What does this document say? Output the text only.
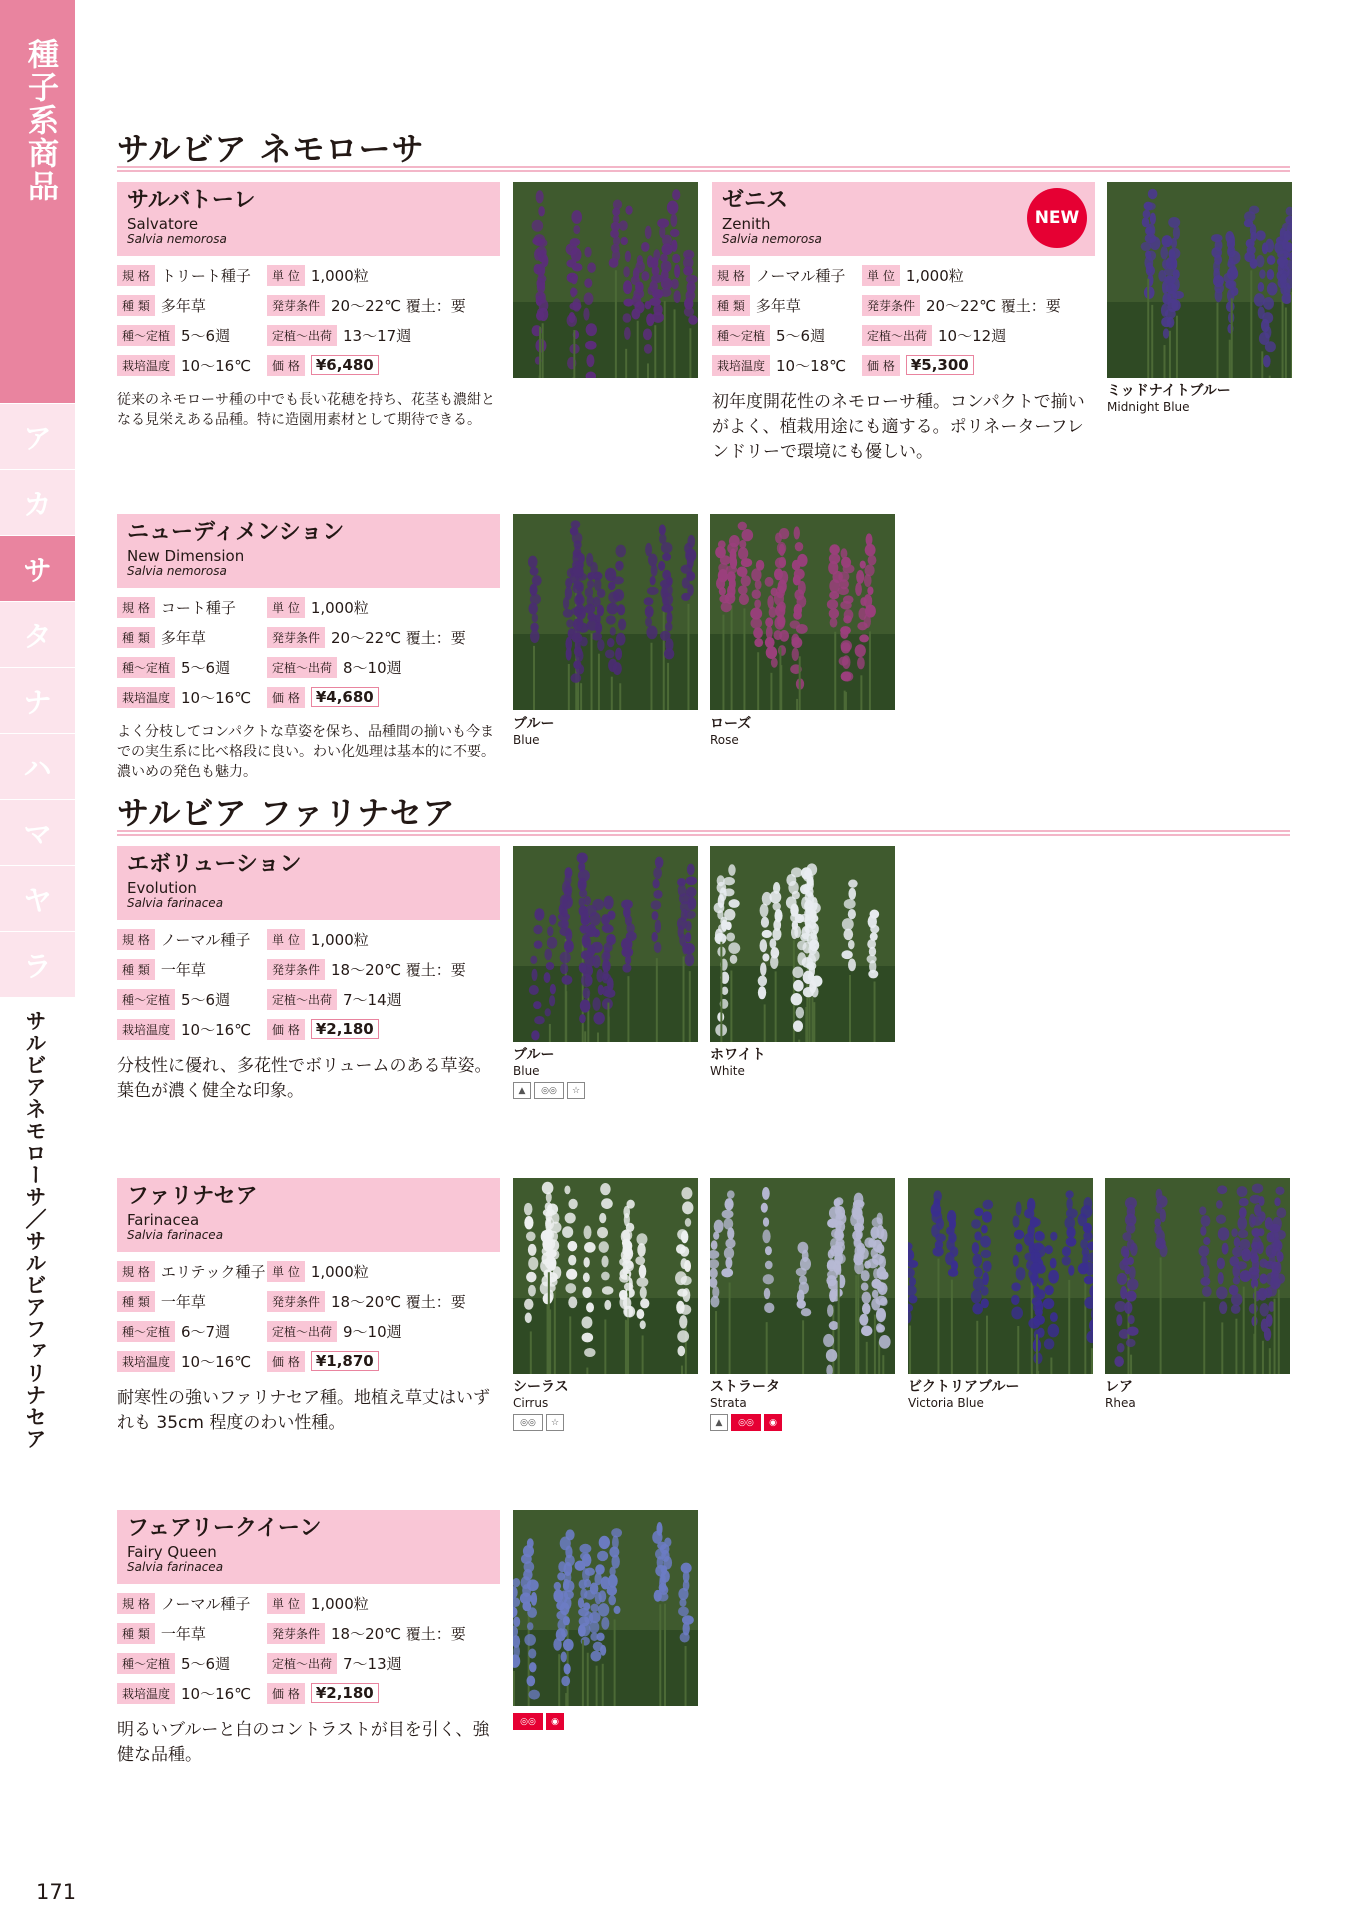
種子系商品
ア
カ
サ
タ
ナ
ハ
マ
ヤ
ラ
サルビアネモローサ／サルビアファリナセア
171
サルビア ネモローサ
サルビア ファリナセア
サルバトーレ
Salvatore
Salvia nemorosa
規 格 トリート種子	単 位 1,000粒
種 類 多年草	発芽条件 20〜22℃ 覆土：要
種〜定植 5〜6週	定植〜出荷 13〜17週
栽培温度 10〜16℃	価 格	¥6,480
従来のネモローサ種の中でも長い花穂を持ち、花茎も濃紺となる見栄えある品種。特に造園用素材として期待できる。
ゼニス
Zenith
Salvia nemorosa
NEW
規 格 ノーマル種子	単 位 1,000粒
種 類 多年草	発芽条件 20〜22℃ 覆土：要
種〜定植 5〜6週	定植〜出荷 10〜12週
栽培温度 10〜18℃	価 格	¥5,300
初年度開花性のネモローサ種。コンパクトで揃いがよく、植栽用途にも適する。ポリネーターフレンドリーで環境にも優しい。
ニューディメンション
New Dimension
Salvia nemorosa
規 格 コート種子	単 位 1,000粒
種 類 多年草	発芽条件 20〜22℃ 覆土：要
種〜定植 5〜6週	定植〜出荷 8〜10週
栽培温度 10〜16℃	価 格	¥4,680
よく分枝してコンパクトな草姿を保ち、品種間の揃いも今までの実生系に比べ格段に良い。わい化処理は基本的に不要。濃いめの発色も魅力。
エボリューション
Evolution
Salvia farinacea
規 格 ノーマル種子	単 位 1,000粒
種 類 一年草	発芽条件 18〜20℃ 覆土：要
種〜定植 5〜6週	定植〜出荷 7〜14週
栽培温度 10〜16℃	価 格	¥2,180
分枝性に優れ、多花性でボリュームのある草姿。葉色が濃く健全な印象。
ファリナセア
Farinacea
Salvia farinacea
規 格 エリテック種子 単 位 1,000粒
種 類 一年草	発芽条件 18〜20℃ 覆土：要
種〜定植 6〜7週	定植〜出荷 9〜10週
栽培温度 10〜16℃	価 格	¥1,870
耐寒性の強いファリナセア種。地植え草丈はいずれも 35cm 程度のわい性種。
フェアリークイーン
Fairy Queen
Salvia farinacea
規 格 ノーマル種子	単 位 1,000粒
種 類 一年草	発芽条件 18〜20℃ 覆土：要
種〜定植 5〜6週	定植〜出荷 7〜13週
栽培温度 10〜16℃	価 格	¥2,180
明るいブルーと白のコントラストが目を引く、強健な品種。
ミッドナイトブルー
Midnight Blue
ブルー
Blue
ローズ
Rose
ブルー
Blue
▲	◎◎	☆
ホワイト
White
シーラス
Cirrus
◎◎	☆
ストラータ
Strata
▲	◎◎	◉
ビクトリアブルー
Victoria Blue
レア
Rhea
◎◎	◉
